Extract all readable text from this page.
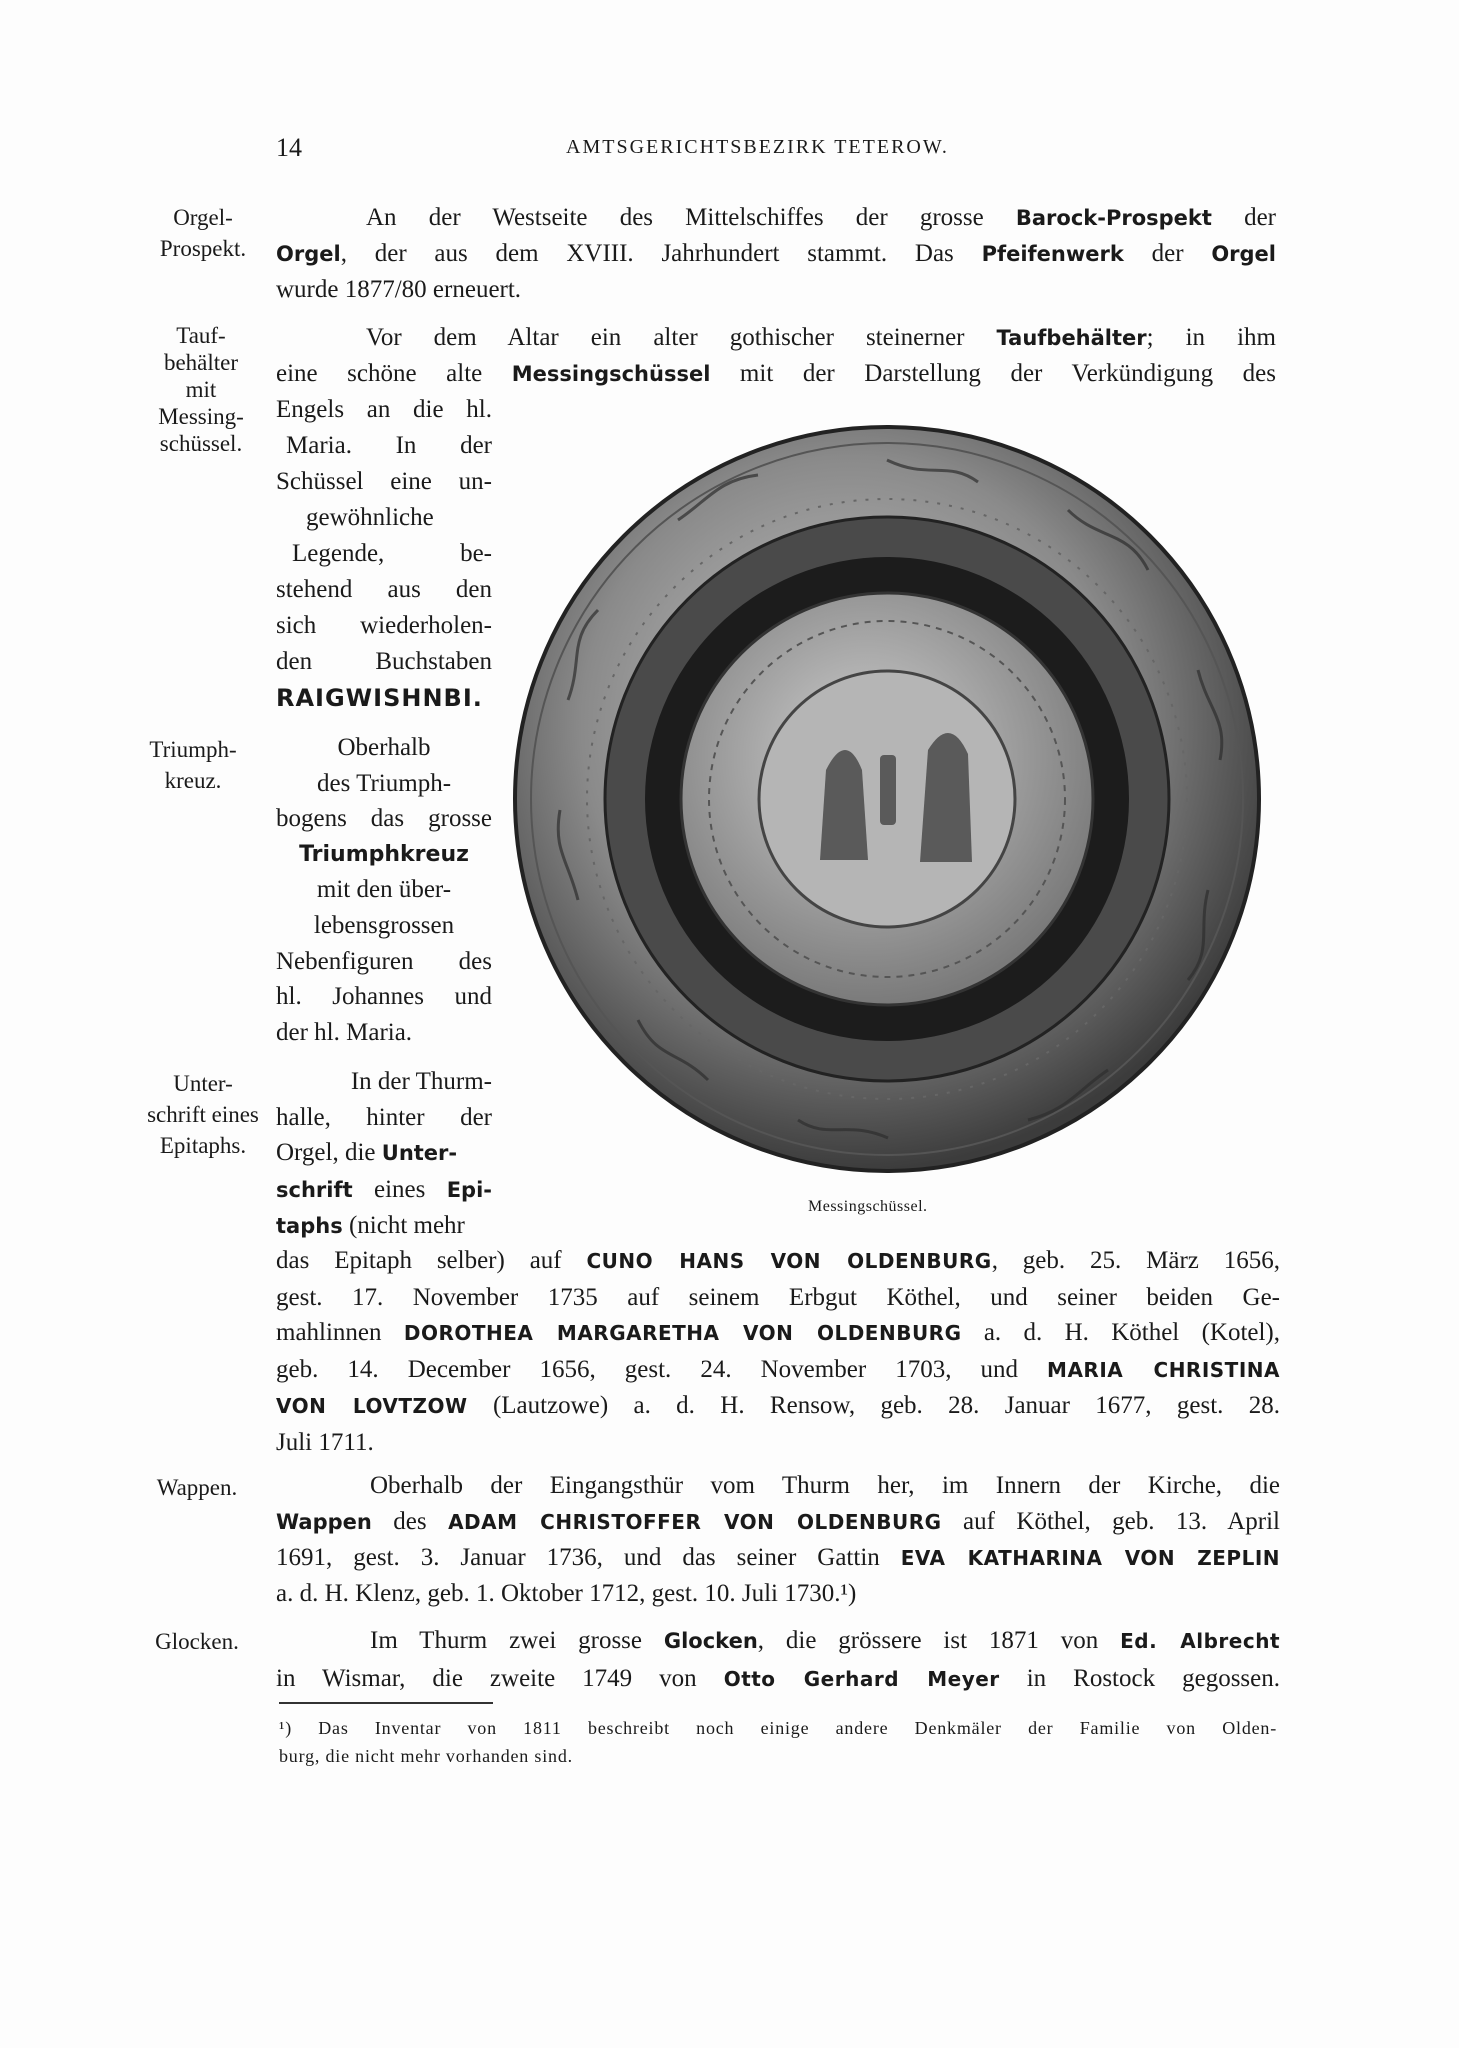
14	AMTSGERICHTSBEZIRK TETEROW.
Orgel-
Prospekt.
Tauf-
behälter
mit
Messing-
schüssel.
Triumph-
kreuz.
Unter-
schrift eines
Epitaphs.
Wappen.
Glocken.
An der Westseite des Mittelschiffes der grosse Barock-Prospekt der
Orgel, der aus dem XVIII. Jahrhundert stammt. Das Pfeifenwerk der Orgel
wurde 1877/80 erneuert.
Vor dem Altar ein alter gothischer steinerner Taufbehälter; in ihm
eine schöne alte Messingschüssel mit der Darstellung der Verkündigung des
Engels an die hl.
Maria. In der
Schüssel eine un-
gewöhnliche
Legende, be-
stehend aus den
sich wiederholen-
den Buchstaben
RAIGWISHNBI.
Oberhalb
des Triumph-
bogens das grosse
Triumphkreuz
mit den über-
lebensgrossen
Nebenfiguren des
hl. Johannes und
der hl. Maria.
In der Thurm-
halle, hinter der
Orgel, die Unter-
schrift eines Epi-
taphs (nicht mehr
das Epitaph selber) auf CUNO HANS VON OLDENBURG, geb. 25. März 1656,
gest. 17. November 1735 auf seinem Erbgut Köthel, und seiner beiden Ge-
mahlinnen DOROTHEA MARGARETHA VON OLDENBURG a. d. H. Köthel (Kotel),
geb. 14. December 1656, gest. 24. November 1703, und MARIA CHRISTINA
VON LOVTZOW (Lautzowe) a. d. H. Rensow, geb. 28. Januar 1677, gest. 28.
Juli 1711.
Oberhalb der Eingangsthür vom Thurm her, im Innern der Kirche, die
Wappen des ADAM CHRISTOFFER VON OLDENBURG auf Köthel, geb. 13. April
1691, gest. 3. Januar 1736, und das seiner Gattin EVA KATHARINA VON ZEPLIN
a. d. H. Klenz, geb. 1. Oktober 1712, gest. 10. Juli 1730.¹)
Im Thurm zwei grosse Glocken, die grössere ist 1871 von Ed. Albrecht
in Wismar, die zweite 1749 von Otto Gerhard Meyer in Rostock gegossen.
¹) Das Inventar von 1811 beschreibt noch einige andere Denkmäler der Familie von Olden-
burg, die nicht mehr vorhanden sind.
Messingschüssel.
